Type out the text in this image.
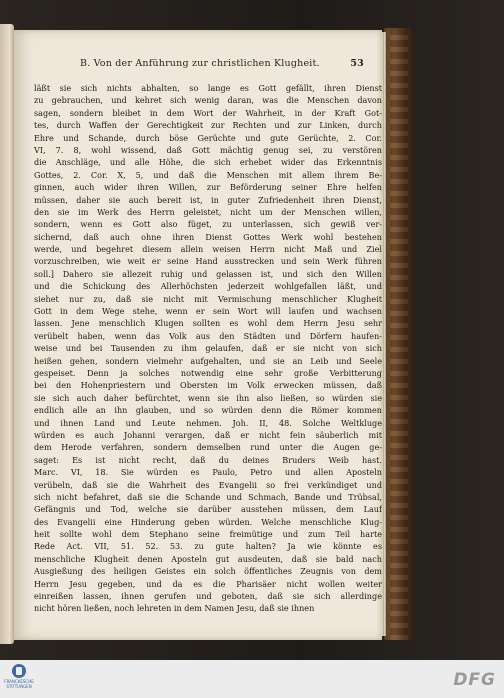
B. Von der Anführung zur christlichen Klugheit.	53
läßt sie sich nichts abhalten, so lange es Gott gefällt, ihren Dienst
zu gebrauchen, und kehret sich wenig daran, was die Menschen davon
sagen, sondern bleibet in dem Wort der Wahrheit, in der Kraft Got-
tes, durch Waffen der Gerechtigkeit zur Rechten und zur Linken, durch
Ehre und Schande, durch böse Gerüchte und gute Gerüchte, 2. Cor.
VI, 7. 8, wohl wissend, daß Gott mächtig genug sei, zu verstören
die Anschläge, und alle Höhe, die sich erhebet wider das Erkenntnis
Gottes, 2. Cor. X, 5, und daß die Menschen mit allem ihrem Be-
ginnen, auch wider ihren Willen, zur Beförderung seiner Ehre helfen
müssen, daher sie auch bereit ist, in guter Zufriedenheit ihren Dienst,
den sie im Werk des Herrn geleistet, nicht um der Menschen willen,
sondern, wenn es Gott also füget, zu unterlassen, sich gewiß ver-
sichernd, daß auch ohne ihren Dienst Gottes Werk wohl bestehen
werde, und begehret diesem allein weisen Herrn nicht Maß und Ziel
vorzuschreiben, wie weit er seine Hand ausstrecken und sein Werk führen
soll.] Dahero sie allezeit ruhig und gelassen ist, und sich den Willen
und die Schickung des Allerhöchsten jederzeit wohlgefallen läßt, und
siehet nur zu, daß sie nicht mit Vermischung menschlicher Klugheit
Gott in dem Wege stehe, wenn er sein Wort will laufen und wachsen
lassen. Jene menschlich Klugen sollten es wohl dem Herrn Jesu sehr
verübelt haben, wenn das Volk aus den Städten und Dörfern haufen-
weise und bei Tausenden zu ihm gelaufen, daß er sie nicht von sich
heißen gehen, sondern vielmehr aufgehalten, und sie an Leib und Seele
gespeiset. Denn ja solches notwendig eine sehr große Verbitterung
bei den Hohenpriestern und Obersten im Volk erwecken müssen, daß
sie sich auch daher befürchtet, wenn sie ihn also ließen, so würden sie
endlich alle an ihn glauben, und so würden denn die Römer kommen
und ihnen Land und Leute nehmen. Joh. II, 48. Solche Weltkluge
würden es auch Johanni verargen, daß er nicht fein säuberlich mit
dem Herode verfahren, sondern demselben rund unter die Augen ge-
saget: Es ist nicht recht, daß du deines Bruders Weib hast.
Marc. VI, 18. Sie würden es Paulo, Petro und allen Aposteln
verübeln, daß sie die Wahrheit des Evangelii so frei verkündiget und
sich nicht befahret, daß sie die Schande und Schmach, Bande und Trübsal,
Gefängnis und Tod, welche sie darüber ausstehen müssen, dem Lauf
des Evangelii eine Hinderung geben würden. Welche menschliche Klug-
heit sollte wohl dem Stephano seine freimütige und zum Teil harte
Rede Act. VII, 51. 52. 53. zu gute halten? Ja wie könnte es
menschliche Klugheit denen Aposteln gut ausdeuten, daß sie bald nach
Ausgießung des heiligen Geistes ein solch öffentliches Zeugnis von dem
Herrn Jesu gegeben, und da es die Pharisäer nicht wollen weiter
einreißen lassen, ihnen gerufen und geboten, daß sie sich allerdinge
nicht hören ließen, noch lehreten in dem Namen Jesu, daß sie ihnen
FRANCKESCHE STIFTUNGEN	DFG
